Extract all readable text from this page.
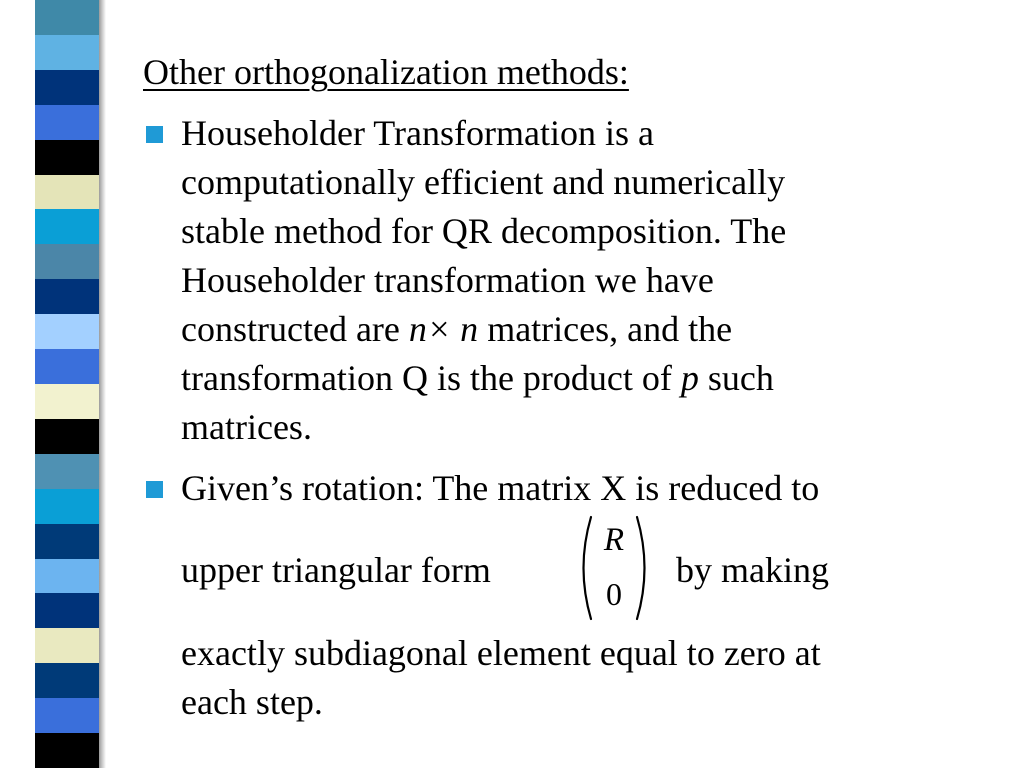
Other orthogonalization methods:
Householder Transformation is a
computationally efficient and numerically
stable method for QR decomposition. The
Householder transformation we have
constructed are n× n matrices, and the
transformation Q is the product of p such
matrices.
Given’s rotation: The matrix X is reduced to
upper triangular form
R
0
by making
exactly subdiagonal element equal to zero at
each step.
